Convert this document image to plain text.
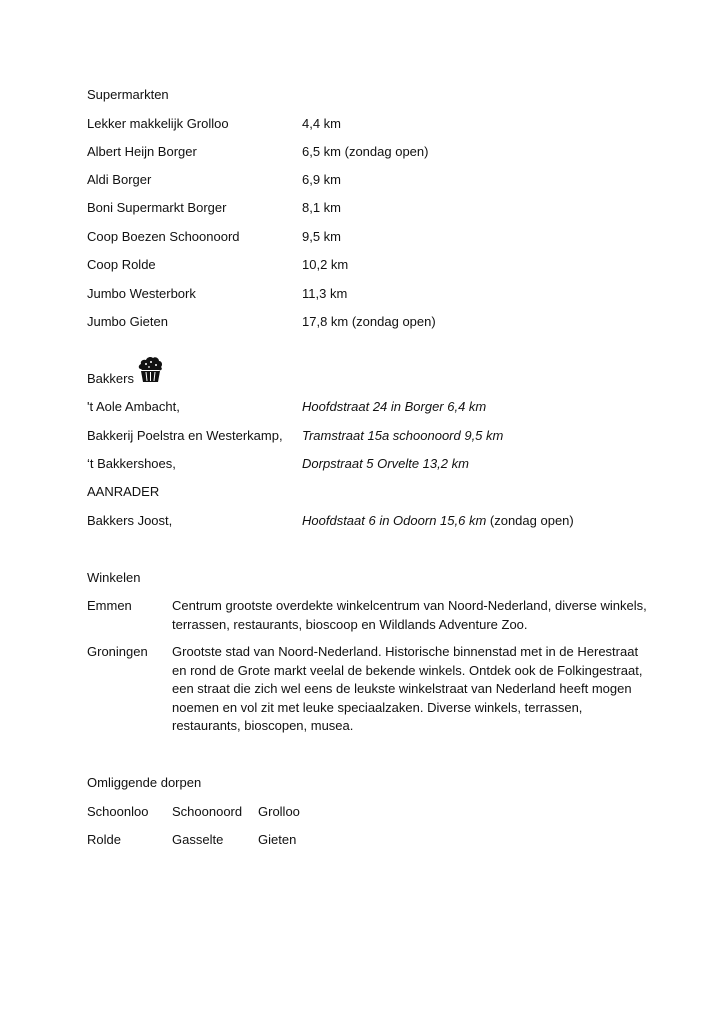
Supermarkten
Lekker makkelijk Grolloo	4,4 km
Albert Heijn Borger	6,5 km (zondag open)
Aldi Borger	6,9 km
Boni Supermarkt Borger	8,1 km
Coop Boezen Schoonoord	9,5 km
Coop Rolde	10,2 km
Jumbo Westerbork	11,3 km
Jumbo Gieten	17,8 km (zondag open)
Bakkers
't Aole Ambacht,	Hoofdstraat 24 in Borger 6,4 km
Bakkerij Poelstra en Westerkamp, Tramstraat 15a schoonoord 9,5 km
‘t Bakkershoes,	Dorpstraat 5 Orvelte 13,2 km
AANRADER
Bakkers Joost,	Hoofdstaat 6 in Odoorn 15,6 km (zondag open)
Winkelen
Emmen	Centrum grootste overdekte winkelcentrum van Noord-Nederland, diverse winkels, terrassen, restaurants, bioscoop en Wildlands Adventure Zoo.
Groningen Grootste stad van Noord-Nederland. Historische binnenstad met in de Herestraat en rond de Grote markt veelal de bekende winkels. Ontdek ook de Folkingestraat, een straat die zich wel eens de leukste winkelstraat van Nederland heeft mogen noemen en vol zit met leuke speciaalzaken. Diverse winkels, terrassen, restaurants, bioscopen, musea.
Omliggende dorpen
Schoonloo Schoonoord Grolloo
Rolde	Gasselte	Gieten
